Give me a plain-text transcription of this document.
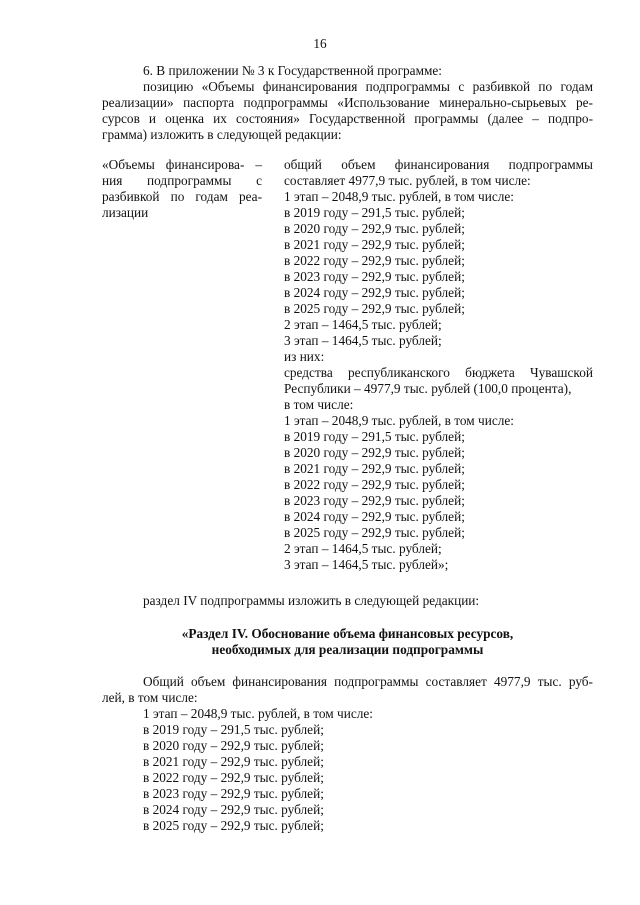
16
6. В приложении № 3 к Государственной программе:
позицию «Объемы финансирования подпрограммы с разбивкой по годам
реализации» паспорта подпрограммы «Использование минерально-сырьевых ре-
сурсов и оценка их состояния» Государственной программы (далее – подпро-
грамма) изложить в следующей редакции:
«Объемы финансирова- –
ния подпрограммы с
разбивкой по годам реа-
лизации
общий объем финансирования подпрограммы
составляет 4977,9 тыс. рублей, в том числе:
1 этап – 2048,9 тыс. рублей, в том числе:
в 2019 году – 291,5 тыс. рублей;
в 2020 году – 292,9 тыс. рублей;
в 2021 году – 292,9 тыс. рублей;
в 2022 году – 292,9 тыс. рублей;
в 2023 году – 292,9 тыс. рублей;
в 2024 году – 292,9 тыс. рублей;
в 2025 году – 292,9 тыс. рублей;
2 этап – 1464,5 тыс. рублей;
3 этап – 1464,5 тыс. рублей;
из них:
средства республиканского бюджета Чувашской
Республики – 4977,9 тыс. рублей (100,0 процента),
в том числе:
1 этап – 2048,9 тыс. рублей, в том числе:
в 2019 году – 291,5 тыс. рублей;
в 2020 году – 292,9 тыс. рублей;
в 2021 году – 292,9 тыс. рублей;
в 2022 году – 292,9 тыс. рублей;
в 2023 году – 292,9 тыс. рублей;
в 2024 году – 292,9 тыс. рублей;
в 2025 году – 292,9 тыс. рублей;
2 этап – 1464,5 тыс. рублей;
3 этап – 1464,5 тыс. рублей»;
раздел IV подпрограммы изложить в следующей редакции:
«Раздел IV. Обоснование объема финансовых ресурсов,
необходимых для реализации подпрограммы
Общий объем финансирования подпрограммы составляет 4977,9 тыс. руб-
лей, в том числе:
1 этап – 2048,9 тыс. рублей, в том числе:
в 2019 году – 291,5 тыс. рублей;
в 2020 году – 292,9 тыс. рублей;
в 2021 году – 292,9 тыс. рублей;
в 2022 году – 292,9 тыс. рублей;
в 2023 году – 292,9 тыс. рублей;
в 2024 году – 292,9 тыс. рублей;
в 2025 году – 292,9 тыс. рублей;
